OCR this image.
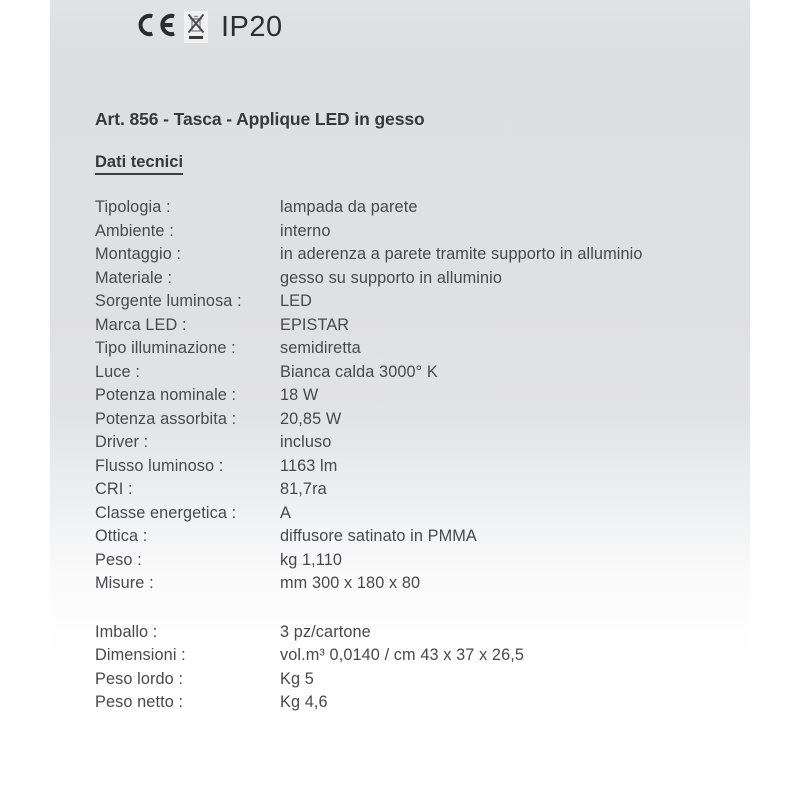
IP20
Art. 856 - Tasca - Applique LED in gesso
Dati tecnici
Tipologia :	lampada da parete
Ambiente :	interno
Montaggio :	in aderenza a parete tramite supporto in alluminio
Materiale :	gesso su supporto in alluminio
Sorgente luminosa :	LED
Marca LED :	EPISTAR
Tipo illuminazione :	semidiretta
Luce :	Bianca calda 3000° K
Potenza nominale :	18 W
Potenza assorbita :	20,85 W
Driver :	incluso
Flusso luminoso :	1163 lm
CRI :	81,7ra
Classe energetica :	A
Ottica :	diffusore satinato in PMMA
Peso :	kg 1,110
Misure :	mm 300 x 180 x 80
Imballo :	3 pz/cartone
Dimensioni :	vol.m³ 0,0140 / cm 43 x 37 x 26,5
Peso lordo :	Kg 5
Peso netto :	Kg 4,6
